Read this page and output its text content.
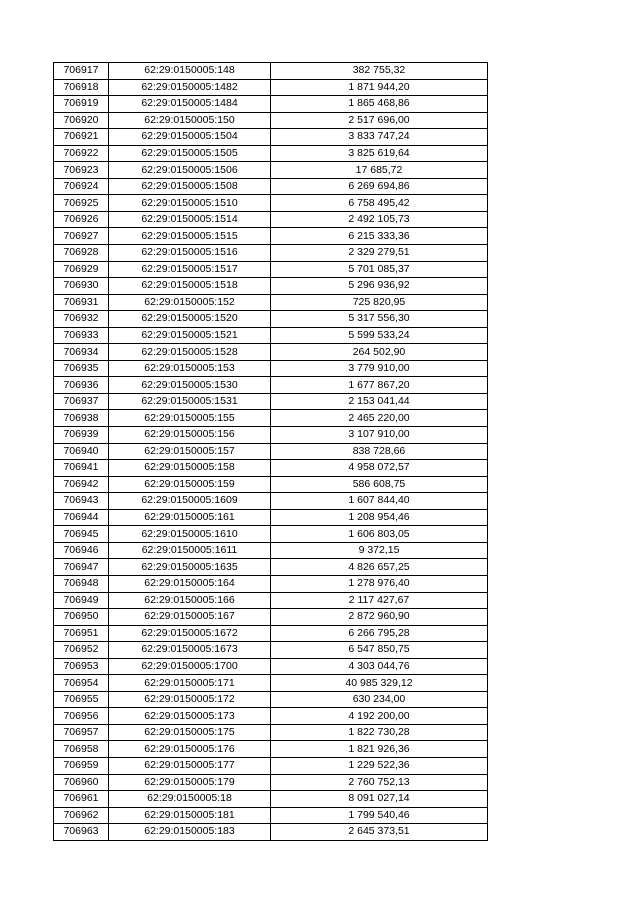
706917	62:29:0150005:148	382 755,32
706918	62:29:0150005:1482	1 871 944,20
706919	62:29:0150005:1484	1 865 468,86
706920	62:29:0150005:150	2 517 696,00
706921	62:29:0150005:1504	3 833 747,24
706922	62:29:0150005:1505	3 825 619,64
706923	62:29:0150005:1506	17 685,72
706924	62:29:0150005:1508	6 269 694,86
706925	62:29:0150005:1510	6 758 495,42
706926	62:29:0150005:1514	2 492 105,73
706927	62:29:0150005:1515	6 215 333,36
706928	62:29:0150005:1516	2 329 279,51
706929	62:29:0150005:1517	5 701 085,37
706930	62:29:0150005:1518	5 296 936,92
706931	62:29:0150005:152	725 820,95
706932	62:29:0150005:1520	5 317 556,30
706933	62:29:0150005:1521	5 599 533,24
706934	62:29:0150005:1528	264 502,90
706935	62:29:0150005:153	3 779 910,00
706936	62:29:0150005:1530	1 677 867,20
706937	62:29:0150005:1531	2 153 041,44
706938	62:29:0150005:155	2 465 220,00
706939	62:29:0150005:156	3 107 910,00
706940	62:29:0150005:157	838 728,66
706941	62:29:0150005:158	4 958 072,57
706942	62:29:0150005:159	586 608,75
706943	62:29:0150005:1609	1 607 844,40
706944	62:29:0150005:161	1 208 954,46
706945	62:29:0150005:1610	1 606 803,05
706946	62:29:0150005:1611	9 372,15
706947	62:29:0150005:1635	4 826 657,25
706948	62:29:0150005:164	1 278 976,40
706949	62:29:0150005:166	2 117 427,67
706950	62:29:0150005:167	2 872 960,90
706951	62:29:0150005:1672	6 266 795,28
706952	62:29:0150005:1673	6 547 850,75
706953	62:29:0150005:1700	4 303 044,76
706954	62:29:0150005:171	40 985 329,12
706955	62:29:0150005:172	630 234,00
706956	62:29:0150005:173	4 192 200,00
706957	62:29:0150005:175	1 822 730,28
706958	62:29:0150005:176	1 821 926,36
706959	62:29:0150005:177	1 229 522,36
706960	62:29:0150005:179	2 760 752,13
706961	62:29:0150005:18	8 091 027,14
706962	62:29:0150005:181	1 799 540,46
706963	62:29:0150005:183	2 645 373,51
